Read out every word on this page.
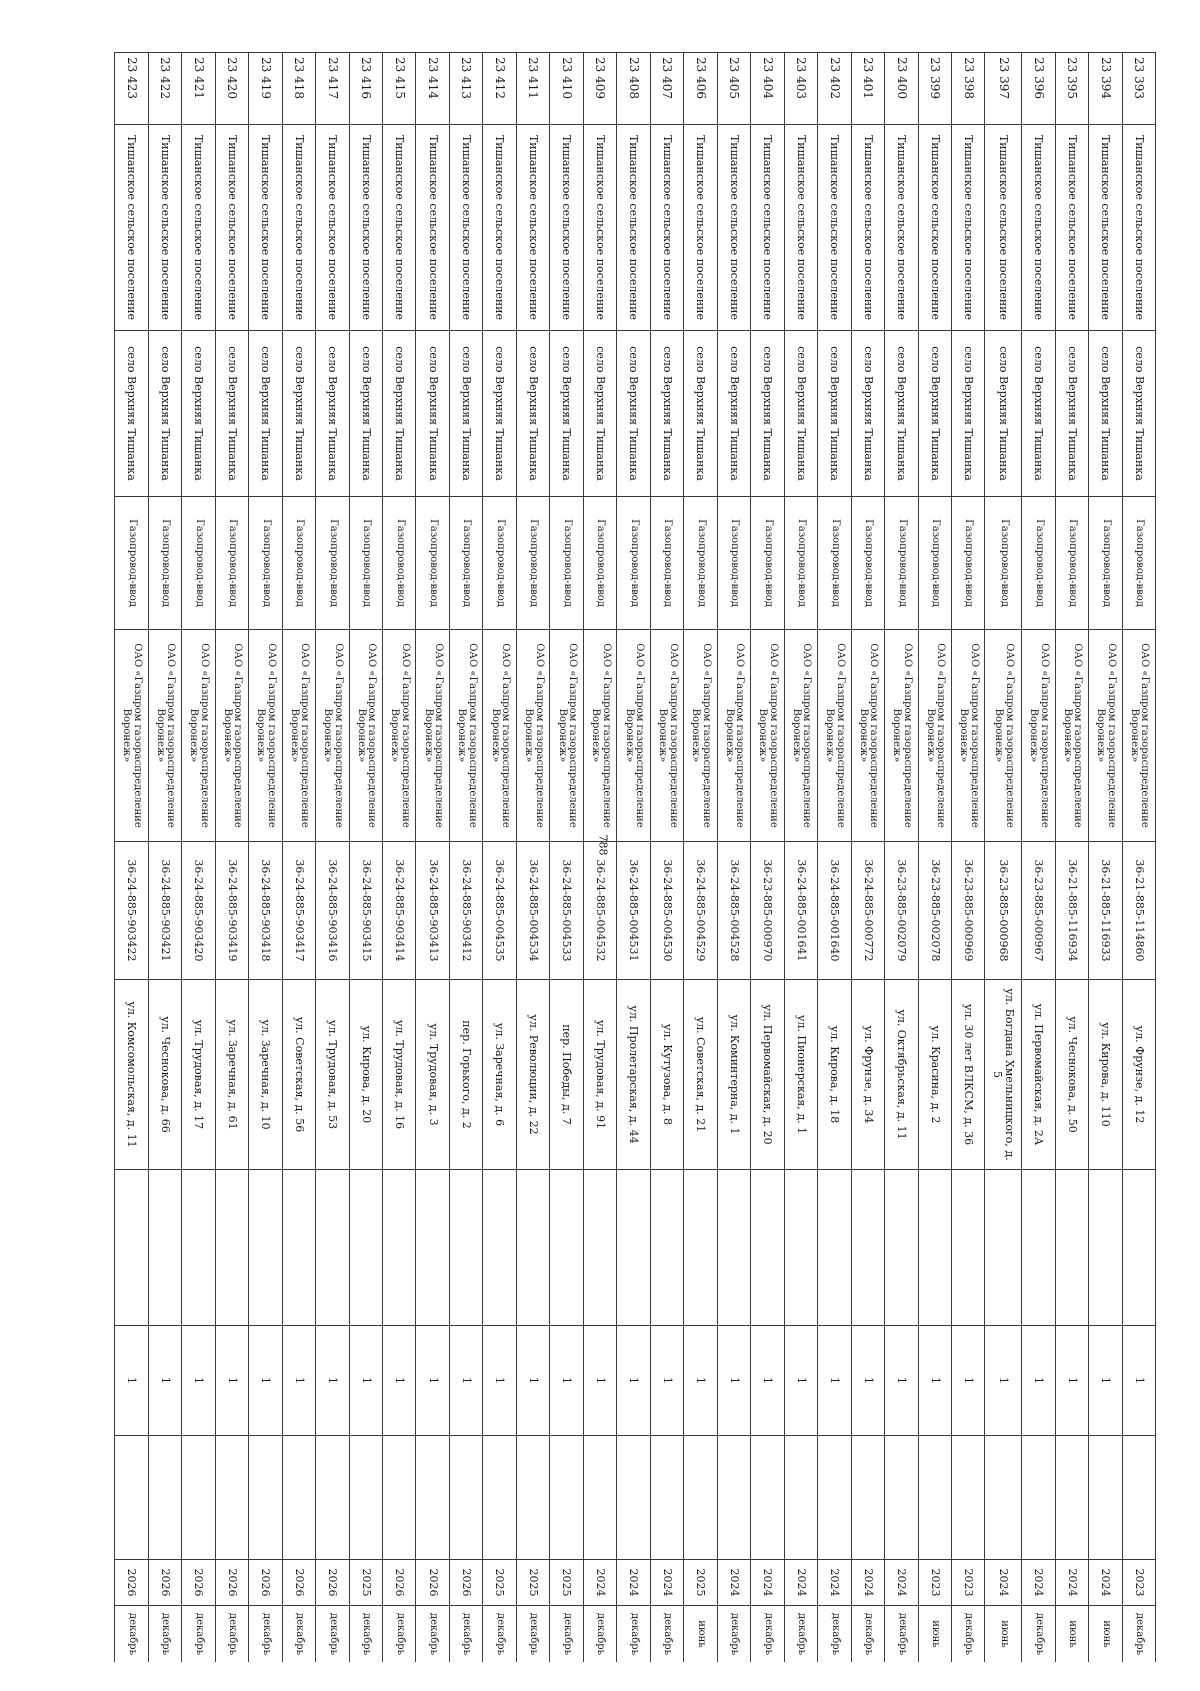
788
23 393	Тишанское сельское поселение	село Верхняя Тишанка	Газопровод-ввод	ОАО «Газпром газораспределение Воронеж»	36-21-885-114860	ул. Фрунзе, д. 12		1		2023	декабрь
23 394	Тишанское сельское поселение	село Верхняя Тишанка	Газопровод-ввод	ОАО «Газпром газораспределение Воронеж»	36-21-885-116933	ул. Кирова, д. 110		1		2024	июнь
23 395	Тишанское сельское поселение	село Верхняя Тишанка	Газопровод-ввод	ОАО «Газпром газораспределение Воронеж»	36-21-885-116934	ул. Чеснокова, д. 50		1		2024	июнь
23 396	Тишанское сельское поселение	село Верхняя Тишанка	Газопровод-ввод	ОАО «Газпром газораспределение Воронеж»	36-23-885-000967	ул. Первомайская, д. 2А		1		2024	декабрь
23 397	Тишанское сельское поселение	село Верхняя Тишанка	Газопровод-ввод	ОАО «Газпром газораспределение Воронеж»	36-23-885-000968	ул. Богдана Хмельницкого, д. 5		1		2024	июнь
23 398	Тишанское сельское поселение	село Верхняя Тишанка	Газопровод-ввод	ОАО «Газпром газораспределение Воронеж»	36-23-885-000969	ул. 30 лет ВЛКСМ, д. 36		1		2023	декабрь
23 399	Тишанское сельское поселение	село Верхняя Тишанка	Газопровод-ввод	ОАО «Газпром газораспределение Воронеж»	36-23-885-002078	ул. Красина, д. 2		1		2023	июнь
23 400	Тишанское сельское поселение	село Верхняя Тишанка	Газопровод-ввод	ОАО «Газпром газораспределение Воронеж»	36-23-885-002079	ул. Октябрьская, д. 11		1		2024	декабрь
23 401	Тишанское сельское поселение	село Верхняя Тишанка	Газопровод-ввод	ОАО «Газпром газораспределение Воронеж»	36-24-885-000772	ул. Фрунзе, д. 34		1		2024	декабрь
23 402	Тишанское сельское поселение	село Верхняя Тишанка	Газопровод-ввод	ОАО «Газпром газораспределение Воронеж»	36-24-885-001640	ул. Кирова, д. 18		1		2024	декабрь
23 403	Тишанское сельское поселение	село Верхняя Тишанка	Газопровод-ввод	ОАО «Газпром газораспределение Воронеж»	36-24-885-001641	ул. Пионерская, д. 1		1		2024	декабрь
23 404	Тишанское сельское поселение	село Верхняя Тишанка	Газопровод-ввод	ОАО «Газпром газораспределение Воронеж»	36-23-885-000970	ул. Первомайская, д. 20		1		2024	декабрь
23 405	Тишанское сельское поселение	село Верхняя Тишанка	Газопровод-ввод	ОАО «Газпром газораспределение Воронеж»	36-24-885-004528	ул. Коминтерна, д. 1		1		2024	декабрь
23 406	Тишанское сельское поселение	село Верхняя Тишанка	Газопровод-ввод	ОАО «Газпром газораспределение Воронеж»	36-24-885-004529	ул. Советская, д. 21		1		2025	июнь
23 407	Тишанское сельское поселение	село Верхняя Тишанка	Газопровод-ввод	ОАО «Газпром газораспределение Воронеж»	36-24-885-004530	ул. Кутузова, д. 8		1		2024	декабрь
23 408	Тишанское сельское поселение	село Верхняя Тишанка	Газопровод-ввод	ОАО «Газпром газораспределение Воронеж»	36-24-885-004531	ул. Пролетарская, д. 44		1		2024	декабрь
23 409	Тишанское сельское поселение	село Верхняя Тишанка	Газопровод-ввод	ОАО «Газпром газораспределение Воронеж»	36-24-885-004532	ул. Трудовая, д. 91		1		2024	декабрь
23 410	Тишанское сельское поселение	село Верхняя Тишанка	Газопровод-ввод	ОАО «Газпром газораспределение Воронеж»	36-24-885-004533	пер. Победы, д. 7		1		2025	декабрь
23 411	Тишанское сельское поселение	село Верхняя Тишанка	Газопровод-ввод	ОАО «Газпром газораспределение Воронеж»	36-24-885-004534	ул. Революции, д. 22		1		2025	декабрь
23 412	Тишанское сельское поселение	село Верхняя Тишанка	Газопровод-ввод	ОАО «Газпром газораспределение Воронеж»	36-24-885-004535	ул. Заречная, д. 6		1		2025	декабрь
23 413	Тишанское сельское поселение	село Верхняя Тишанка	Газопровод-ввод	ОАО «Газпром газораспределение Воронеж»	36-24-885-903412	пер. Горького, д. 2		1		2026	декабрь
23 414	Тишанское сельское поселение	село Верхняя Тишанка	Газопровод-ввод	ОАО «Газпром газораспределение Воронеж»	36-24-885-903413	ул. Трудовая, д. 3		1		2026	декабрь
23 415	Тишанское сельское поселение	село Верхняя Тишанка	Газопровод-ввод	ОАО «Газпром газораспределение Воронеж»	36-24-885-903414	ул. Трудовая, д. 16		1		2026	декабрь
23 416	Тишанское сельское поселение	село Верхняя Тишанка	Газопровод-ввод	ОАО «Газпром газораспределение Воронеж»	36-24-885-903415	ул. Кирова, д. 20		1		2025	декабрь
23 417	Тишанское сельское поселение	село Верхняя Тишанка	Газопровод-ввод	ОАО «Газпром газораспределение Воронеж»	36-24-885-903416	ул. Трудовая, д. 53		1		2026	декабрь
23 418	Тишанское сельское поселение	село Верхняя Тишанка	Газопровод-ввод	ОАО «Газпром газораспределение Воронеж»	36-24-885-903417	ул. Советская, д. 56		1		2026	декабрь
23 419	Тишанское сельское поселение	село Верхняя Тишанка	Газопровод-ввод	ОАО «Газпром газораспределение Воронеж»	36-24-885-903418	ул. Заречная, д. 10		1		2026	декабрь
23 420	Тишанское сельское поселение	село Верхняя Тишанка	Газопровод-ввод	ОАО «Газпром газораспределение Воронеж»	36-24-885-903419	ул. Заречная, д. 61		1		2026	декабрь
23 421	Тишанское сельское поселение	село Верхняя Тишанка	Газопровод-ввод	ОАО «Газпром газораспределение Воронеж»	36-24-885-903420	ул. Трудовая, д. 17		1		2026	декабрь
23 422	Тишанское сельское поселение	село Верхняя Тишанка	Газопровод-ввод	ОАО «Газпром газораспределение Воронеж»	36-24-885-903421	ул. Чеснокова, д. 66		1		2026	декабрь
23 423	Тишанское сельское поселение	село Верхняя Тишанка	Газопровод-ввод	ОАО «Газпром газораспределение Воронеж»	36-24-885-903422	ул. Комсомольская, д. 11		1		2026	декабрь
